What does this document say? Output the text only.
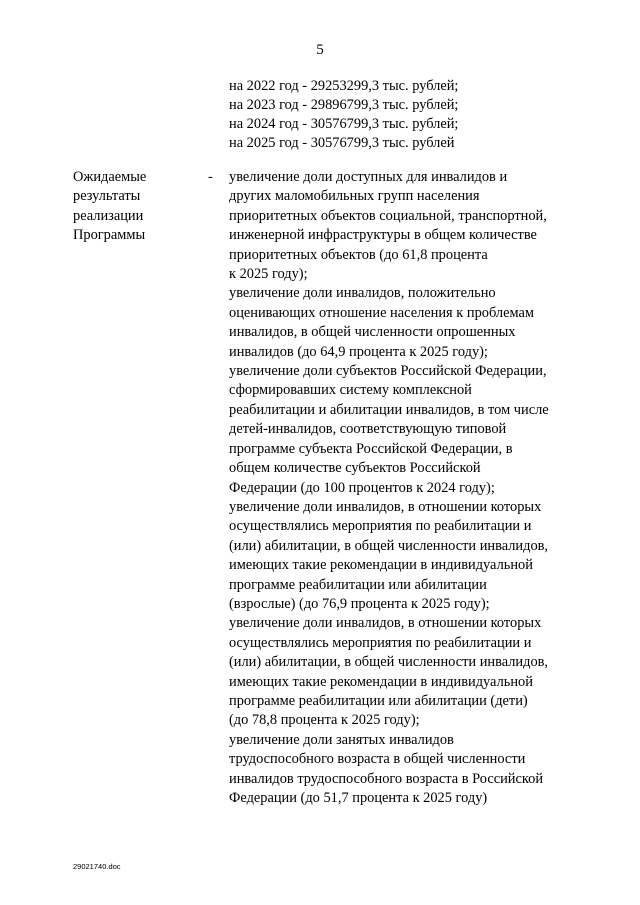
5
на 2022 год - 29253299,3 тыс. рублей;
на 2023 год - 29896799,3 тыс. рублей;
на 2024 год - 30576799,3 тыс. рублей;
на 2025 год - 30576799,3 тыс. рублей
Ожидаемые
результаты
реализации
Программы
- увеличение доли доступных для инвалидов и
других маломобильных групп населения
приоритетных объектов социальной, транспортной,
инженерной инфраструктуры в общем количестве
приоритетных объектов (до 61,8 процента
к 2025 году);
увеличение доли инвалидов, положительно
оценивающих отношение населения к проблемам
инвалидов, в общей численности опрошенных
инвалидов (до 64,9 процента к 2025 году);
увеличение доли субъектов Российской Федерации,
сформировавших систему комплексной
реабилитации и абилитации инвалидов, в том числе
детей-инвалидов, соответствующую типовой
программе субъекта Российской Федерации, в
общем количестве субъектов Российской
Федерации (до 100 процентов к 2024 году);
увеличение доли инвалидов, в отношении которых
осуществлялись мероприятия по реабилитации и
(или) абилитации, в общей численности инвалидов,
имеющих такие рекомендации в индивидуальной
программе реабилитации или абилитации
(взрослые) (до 76,9 процента к 2025 году);
увеличение доли инвалидов, в отношении которых
осуществлялись мероприятия по реабилитации и
(или) абилитации, в общей численности инвалидов,
имеющих такие рекомендации в индивидуальной
программе реабилитации или абилитации (дети)
(до 78,8 процента к 2025 году);
увеличение доли занятых инвалидов
трудоспособного возраста в общей численности
инвалидов трудоспособного возраста в Российской
Федерации (до 51,7 процента к 2025 году)
29021740.doc
